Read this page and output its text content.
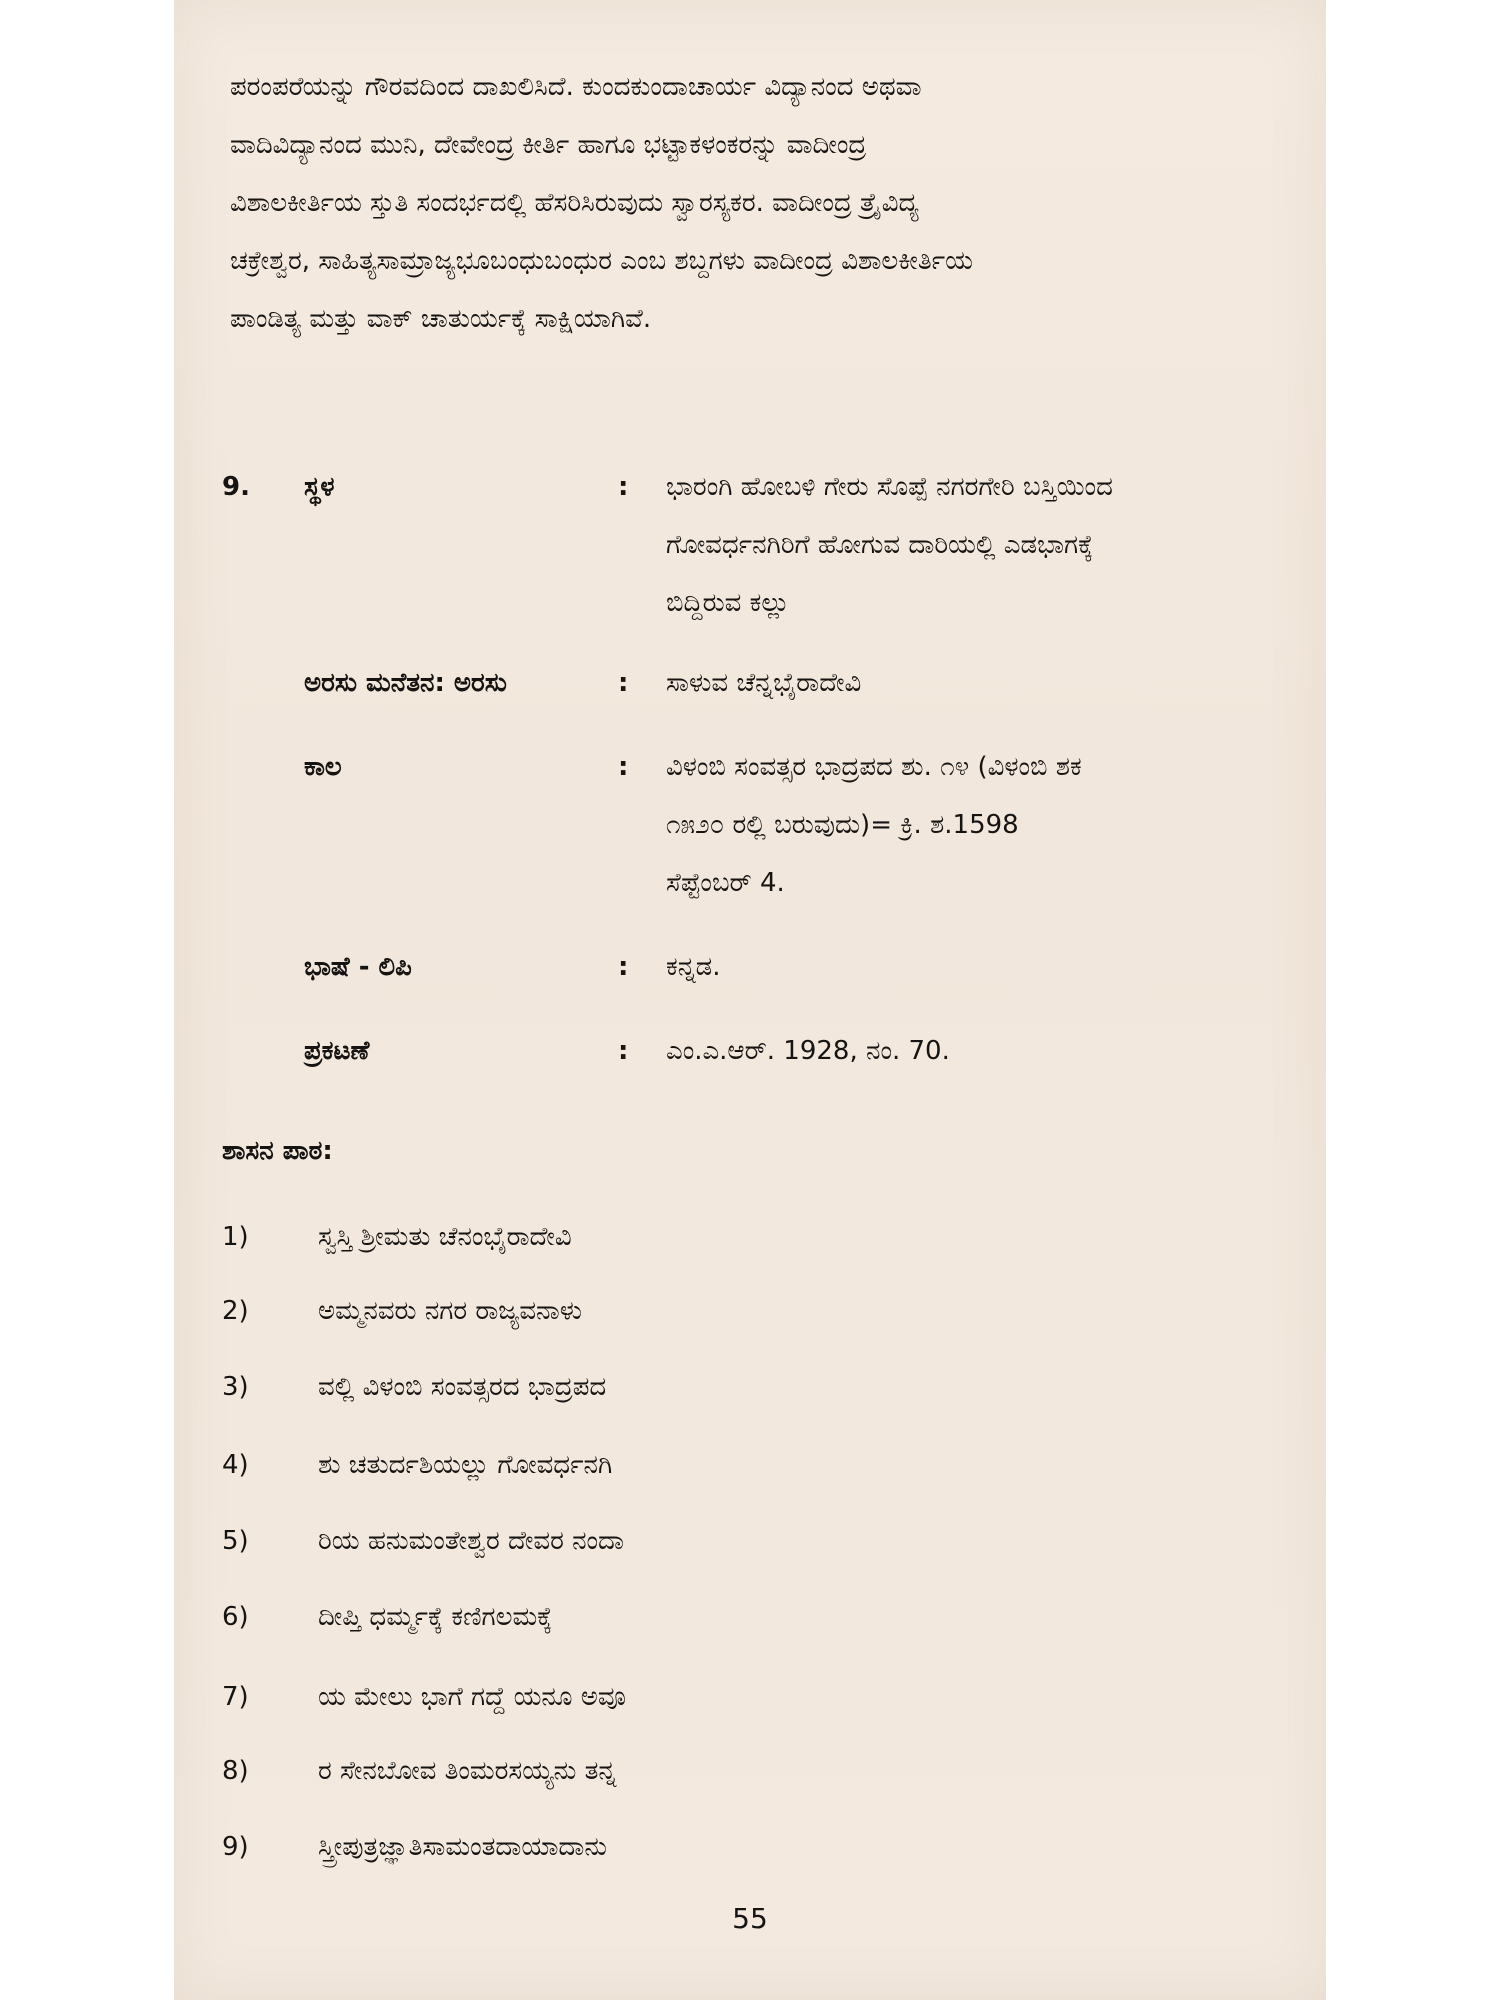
ಪರಂಪರೆಯನ್ನು ಗೌರವದಿಂದ ದಾಖಲಿಸಿದೆ. ಕುಂದಕುಂದಾಚಾರ್ಯ ವಿದ್ಯಾನಂದ ಅಥವಾ
ವಾದಿವಿದ್ಯಾನಂದ ಮುನಿ, ದೇವೇಂದ್ರ ಕೀರ್ತಿ ಹಾಗೂ ಭಟ್ಟಾಕಳಂಕರನ್ನು ವಾದೀಂದ್ರ
ವಿಶಾಲಕೀರ್ತಿಯ ಸ್ತುತಿ ಸಂದರ್ಭದಲ್ಲಿ ಹೆಸರಿಸಿರುವುದು ಸ್ವಾರಸ್ಯಕರ. ವಾದೀಂದ್ರ ತ್ರೈವಿದ್ಯ
ಚಕ್ರೇಶ್ವರ, ಸಾಹಿತ್ಯಸಾಮ್ರಾಜ್ಯಭೂಬಂಧುಬಂಧುರ ಎಂಬ ಶಬ್ದಗಳು ವಾದೀಂದ್ರ ವಿಶಾಲಕೀರ್ತಿಯ
ಪಾಂಡಿತ್ಯ ಮತ್ತು ವಾಕ್ ಚಾತುರ್ಯಕ್ಕೆ ಸಾಕ್ಷಿಯಾಗಿವೆ.
9. ಸ್ಥಳ	: ಭಾರಂಗಿ ಹೋಬಳಿ ಗೇರು ಸೊಪ್ಪೆ ನಗರಗೇರಿ ಬಸ್ತಿಯಿಂದ
ಗೋವರ್ಧನಗಿರಿಗೆ ಹೋಗುವ ದಾರಿಯಲ್ಲಿ ಎಡಭಾಗಕ್ಕೆ
ಬಿದ್ದಿರುವ ಕಲ್ಲು
ಅರಸು ಮನೆತನ: ಅರಸು	: ಸಾಳುವ ಚೆನ್ನಭೈರಾದೇವಿ
ಕಾಲ	: ವಿಳಂಬಿ ಸಂವತ್ಸರ ಭಾದ್ರಪದ ಶು. ೧೪ (ವಿಳಂಬಿ ಶಕ
೧೫೨೦ ರಲ್ಲಿ ಬರುವುದು)= ಕ್ರಿ. ಶ.1598
ಸೆಪ್ಟೆಂಬರ್ 4.
ಭಾಷೆ - ಲಿಪಿ	: ಕನ್ನಡ.
ಪ್ರಕಟಣೆ	: ಎಂ.ಎ.ಆರ್. 1928, ನಂ. 70.
ಶಾಸನ ಪಾಠ:
1)	ಸ್ವಸ್ತಿ ಶ್ರೀಮತು ಚೆನಂಭೈರಾದೇವಿ
2)	ಅಮ್ಮನವರು ನಗರ ರಾಜ್ಯವನಾಳು
3)	ವಲ್ಲಿ ವಿಳಂಬಿ ಸಂವತ್ಸರದ ಭಾದ್ರಪದ
4)	ಶು ಚತುರ್ದಶಿಯಲ್ಲು ಗೋವರ್ಧನಗಿ
5)	ರಿಯ ಹನುಮಂತೇಶ್ವರ ದೇವರ ನಂದಾ
6)	ದೀಪ್ತಿ ಧರ್ಮ್ಮಕ್ಕೆ ಕಣಿಗಲಮಕ್ಕೆ
7)	ಯ ಮೇಲು ಭಾಗೆ ಗದ್ದೆ ಯನೂ ಅವೂ
8)	ರ ಸೇನಬೋವ ತಿಂಮರಸಯ್ಯನು ತನ್ನ
9)	ಸ್ತ್ರೀಪುತ್ರಜ್ಞಾತಿಸಾಮಂತದಾಯಾದಾನು
55
